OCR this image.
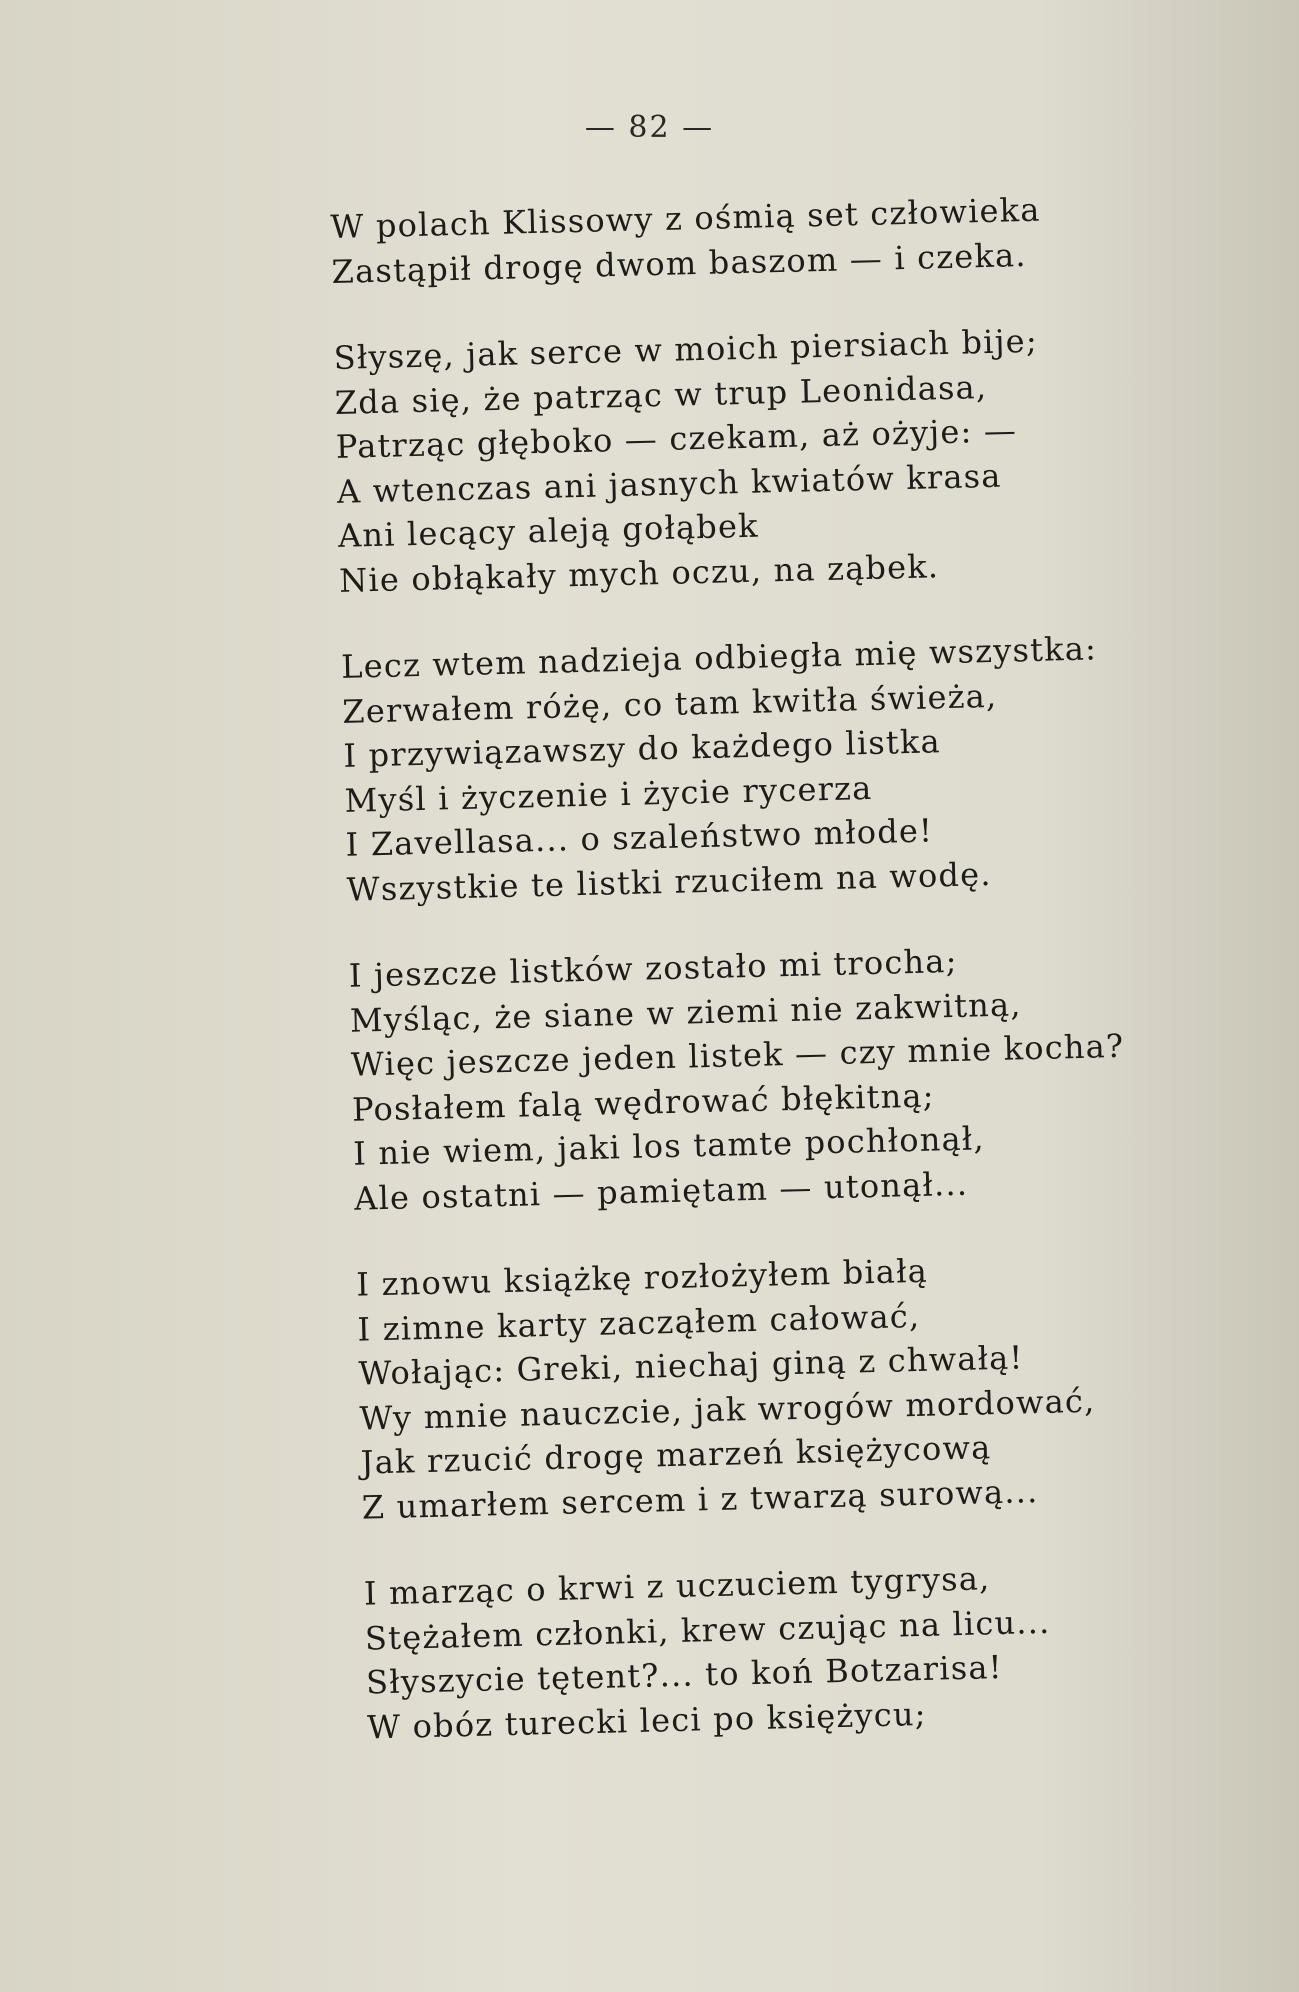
— 82 —
W polach Klissowy z ośmią set człowieka
Zastąpił drogę dwom baszom — i czeka.
Słyszę, jak serce w moich piersiach bije;
Zda się, że patrząc w trup Leonidasa,
Patrząc głęboko — czekam, aż ożyje: —
A wtenczas ani jasnych kwiatów krasa
Ani lecący aleją gołąbek
Nie obłąkały mych oczu, na ząbek.
Lecz wtem nadzieja odbiegła mię wszystka:
Zerwałem różę, co tam kwitła świeża,
I przywiązawszy do każdego listka
Myśl i życzenie i życie rycerza
I Zavellasa... o szaleństwo młode!
Wszystkie te listki rzuciłem na wodę.
I jeszcze listków zostało mi trocha;
Myśląc, że siane w ziemi nie zakwitną,
Więc jeszcze jeden listek — czy mnie kocha?
Posłałem falą wędrować błękitną;
I nie wiem, jaki los tamte pochłonął,
Ale ostatni — pamiętam — utonął...
I znowu książkę rozłożyłem białą
I zimne karty zacząłem całować,
Wołając: Greki, niechaj giną z chwałą!
Wy mnie nauczcie, jak wrogów mordować,
Jak rzucić drogę marzeń księżycową
Z umarłem sercem i z twarzą surową...
I marząc o krwi z uczuciem tygrysa,
Stężałem członki, krew czując na licu...
Słyszycie tętent?... to koń Botzarisa!
W obóz turecki leci po księżycu;
